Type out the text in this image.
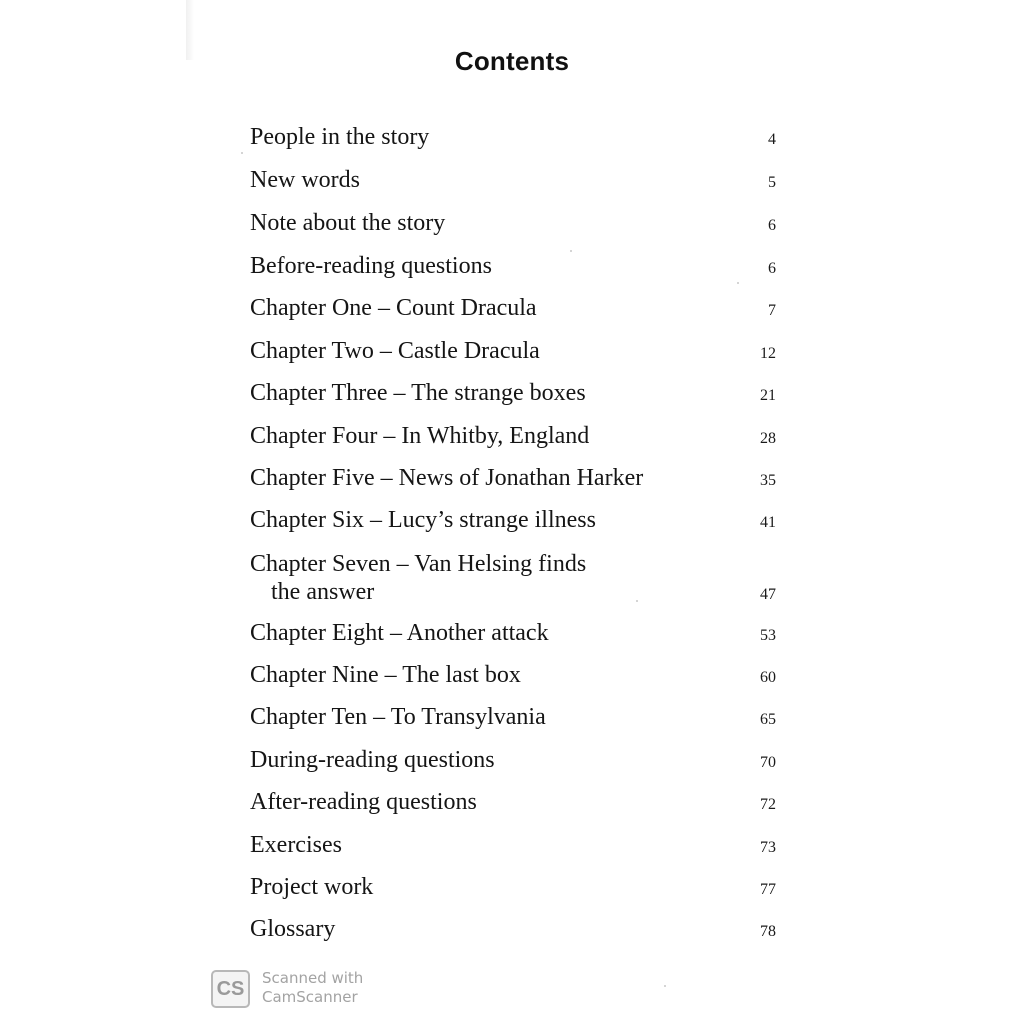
Contents
People in the story	4
New words	5
Note about the story	6
Before-reading questions	6
Chapter One – Count Dracula	7
Chapter Two – Castle Dracula	12
Chapter Three – The strange boxes	21
Chapter Four – In Whitby, England	28
Chapter Five – News of Jonathan Harker	35
Chapter Six – Lucy’s strange illness	41
Chapter Seven – Van Helsing finds
the answer	47
Chapter Eight – Another attack	53
Chapter Nine – The last box	60
Chapter Ten – To Transylvania	65
During-reading questions	70
After-reading questions	72
Exercises	73
Project work	77
Glossary	78
CS	Scanned with
CamScanner
